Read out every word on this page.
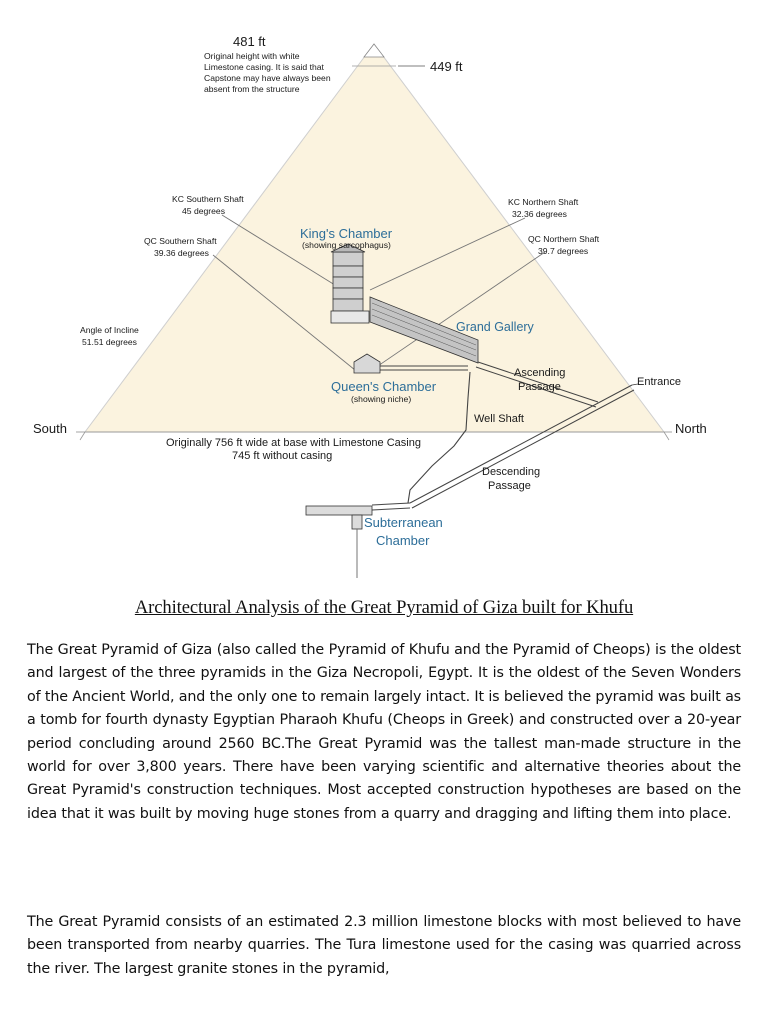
481 ft
Original height with white
Limestone casing. It is said that
Capstone may have always been
absent from the structure
449 ft
KC Southern Shaft
45 degrees
QC Southern Shaft
39.36 degrees
KC Northern Shaft
32.36 degrees
QC Northern Shaft
39.7 degrees
King's Chamber
(showing sarcophagus)
Grand Gallery
Angle of Incline
51.51 degrees
Queen's Chamber
(showing niche)
Ascending
Passage	Entrance
Well Shaft
South	North
Originally 756 ft wide at base with Limestone Casing
745 ft without casing
Descending
Passage
Subterranean
Chamber
Architectural Analysis of the Great Pyramid of Giza built for Khufu

The Great Pyramid of Giza (also called the Pyramid of Khufu and the Pyramid of Cheops) is the oldest and largest of the three pyramids in the Giza Necropoli, Egypt. It is the oldest of the Seven Wonders of the Ancient World, and the only one to remain largely intact. It is believed the pyramid was built as a tomb for fourth dynasty Egyptian Pharaoh Khufu (Cheops in Greek) and constructed over a 20-year period concluding around 2560 BC.The Great Pyramid was the tallest man-made structure in the world for over 3,800 years. There have been varying scientific and alternative theories about the Great Pyramid's construction techniques. Most accepted construction hypotheses are based on the idea that it was built by moving huge stones from a quarry and dragging and lifting them into place.

The Great Pyramid consists of an estimated 2.3 million limestone blocks with most believed to have been transported from nearby quarries. The Tura limestone used for the casing was quarried across the river. The largest granite stones in the pyramid,
